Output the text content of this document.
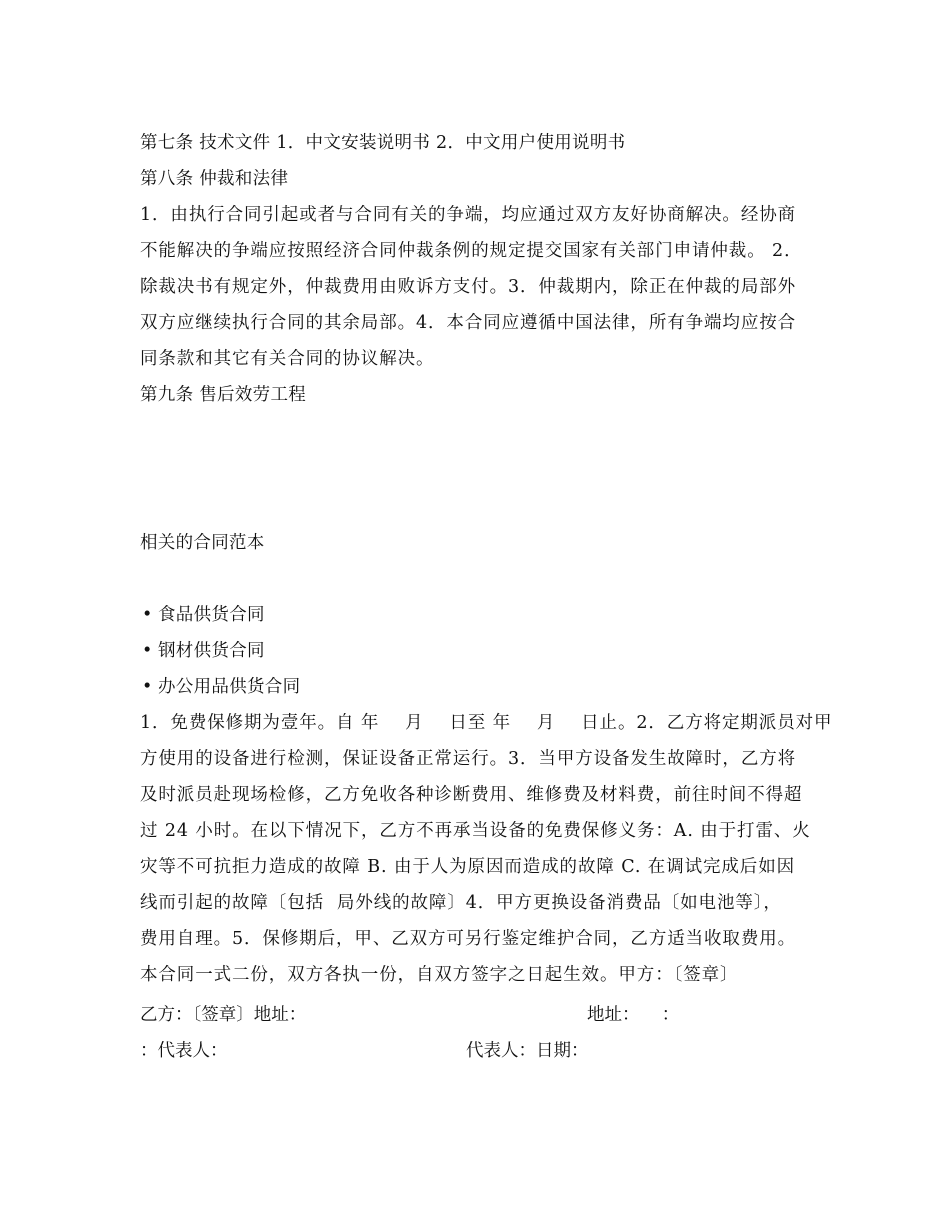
第七条 技术文件 1．中文安装说明书 2．中文用户使用说明书
第八条 仲裁和法律
1．由执行合同引起或者与合同有关的争端，均应通过双方友好协商解决。经协商
不能解决的争端应按照经济合同仲裁条例的规定提交国家有关部门申请仲裁。 2．
除裁决书有规定外，仲裁费用由败诉方支付。3．仲裁期内，除正在仲裁的局部外
双方应继续执行合同的其余局部。4．本合同应遵循中国法律，所有争端均应按合
同条款和其它有关合同的协议解决。
第九条 售后效劳工程
相关的合同范本
• 食品供货合同
• 钢材供货合同
• 办公用品供货合同
1．免费保修期为壹年。自 年    月    日至 年    月    日止。2．乙方将定期派员对甲
方使用的设备进行检测，保证设备正常运行。3．当甲方设备发生故障时，乙方将
及时派员赴现场检修，乙方免收各种诊断费用、维修费及材料费，前往时间不得超
过 24 小时。在以下情况下，乙方不再承当设备的免费保修义务：A. 由于打雷、火
灾等不可抗拒力造成的故障 B. 由于人为原因而造成的故障 C. 在调试完成后如因
线而引起的故障〔包括  局外线的故障〕4．甲方更换设备消费品〔如电池等〕，
费用自理。5．保修期后，甲、乙双方可另行鉴定维护合同，乙方适当收取费用。
本合同一式二份，双方各执一份，自双方签字之日起生效。甲方：〔签章〕
乙方：〔签章〕地址：	地址：    ：
：代表人：	代表人：日期：
